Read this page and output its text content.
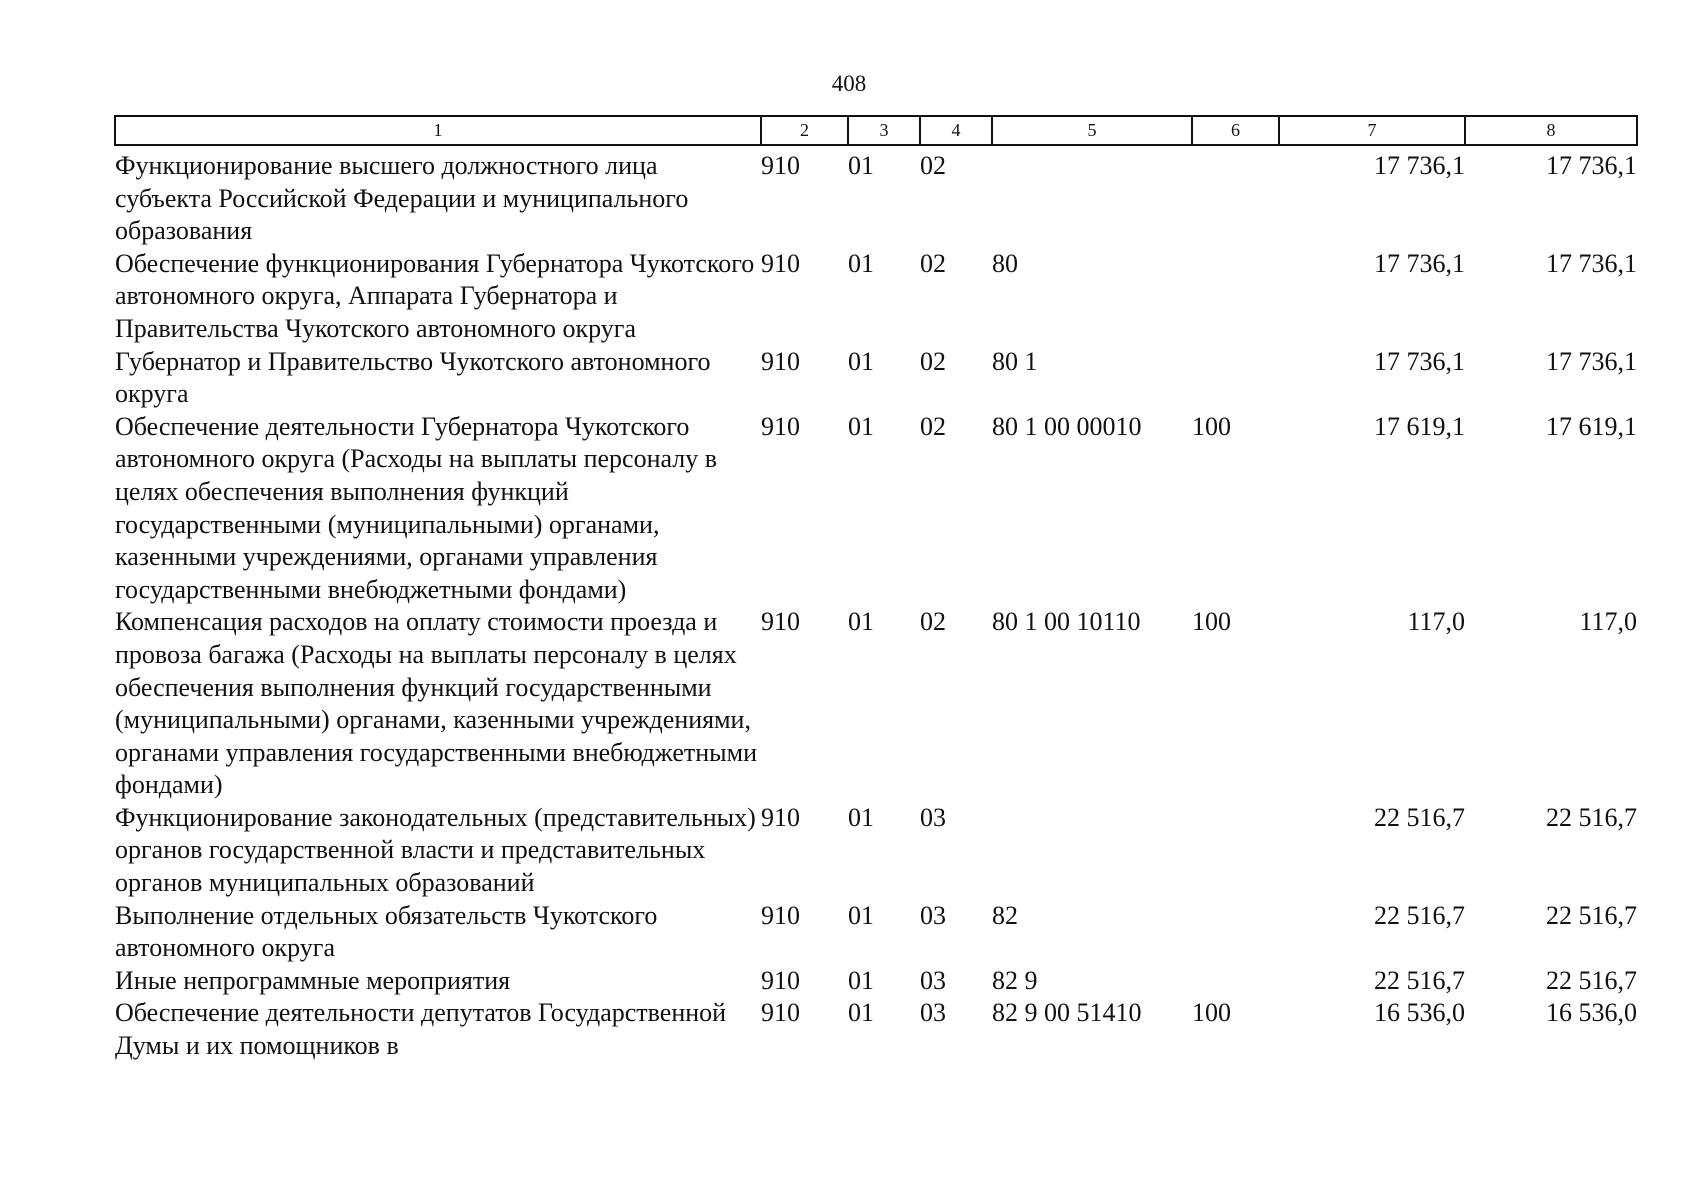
408
1	2	3	4	5	6	7	8
Функционирование высшего должностного лица субъекта Российской Федерации и муниципального образования	910	01	02			17 736,1	17 736,1
Обеспечение функционирования Губернатора Чукотского автономного округа, Аппарата Губернатора и Правительства Чукотского автономного округа	910	01	02	80		17 736,1	17 736,1
Губернатор и Правительство Чукотского автономного округа	910	01	02	80 1		17 736,1	17 736,1
Обеспечение деятельности Губернатора Чукотского автономного округа (Расходы на выплаты персоналу в целях обеспечения выполнения функций государственными (муниципальными) органами, казенными учреждениями, органами управления государственными внебюджетными фондами)	910	01	02	80 1 00 00010	100	17 619,1	17 619,1
Компенсация расходов на оплату стоимости проезда и провоза багажа (Расходы на выплаты персоналу в целях обеспечения выполнения функций государственными (муниципальными) органами, казенными учреждениями, органами управления государственными внебюджетными фондами)	910	01	02	80 1 00 10110	100	117,0	117,0
Функционирование законодательных (представительных) органов государственной власти и представительных органов муниципальных образований	910	01	03			22 516,7	22 516,7
Выполнение отдельных обязательств Чукотского автономного округа	910	01	03	82		22 516,7	22 516,7
Иные непрограммные мероприятия	910	01	03	82 9		22 516,7	22 516,7
Обеспечение деятельности депутатов Государственной Думы и их помощников в	910	01	03	82 9 00 51410	100	16 536,0	16 536,0
